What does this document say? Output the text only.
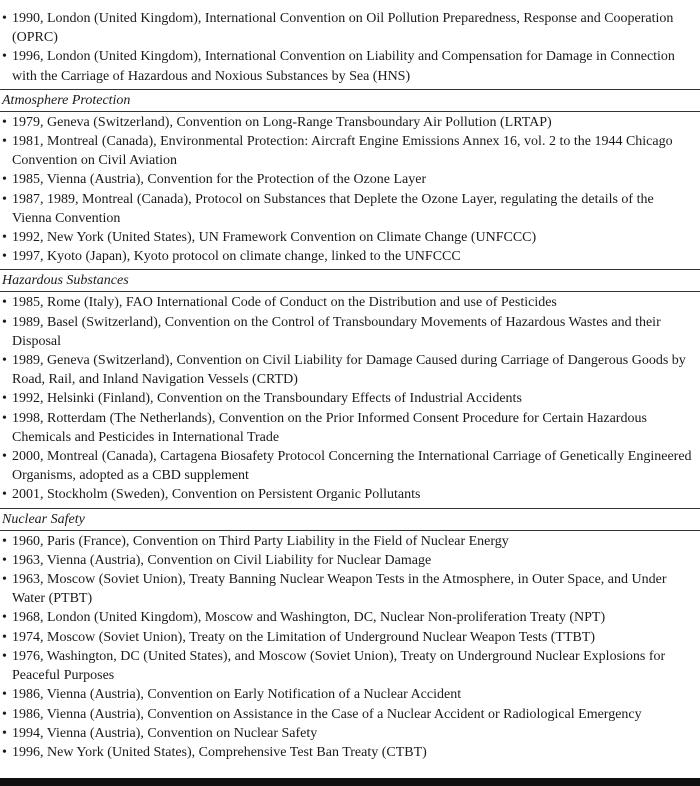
• 1990, London (United Kingdom), International Convention on Oil Pollution Preparedness, Response and Cooperation (OPRC)
• 1996, London (United Kingdom), International Convention on Liability and Compensation for Damage in Connection with the Carriage of Hazardous and Noxious Substances by Sea (HNS)
Atmosphere Protection
• 1979, Geneva (Switzerland), Convention on Long-Range Transboundary Air Pollution (LRTAP)
• 1981, Montreal (Canada), Environmental Protection: Aircraft Engine Emissions Annex 16, vol. 2 to the 1944 Chicago Convention on Civil Aviation
• 1985, Vienna (Austria), Convention for the Protection of the Ozone Layer
• 1987, 1989, Montreal (Canada), Protocol on Substances that Deplete the Ozone Layer, regulating the details of the Vienna Convention
• 1992, New York (United States), UN Framework Convention on Climate Change (UNFCCC)
• 1997, Kyoto (Japan), Kyoto protocol on climate change, linked to the UNFCCC
Hazardous Substances
• 1985, Rome (Italy), FAO International Code of Conduct on the Distribution and use of Pesticides
• 1989, Basel (Switzerland), Convention on the Control of Transboundary Movements of Hazardous Wastes and their Disposal
• 1989, Geneva (Switzerland), Convention on Civil Liability for Damage Caused during Carriage of Dangerous Goods by Road, Rail, and Inland Navigation Vessels (CRTD)
• 1992, Helsinki (Finland), Convention on the Transboundary Effects of Industrial Accidents
• 1998, Rotterdam (The Netherlands), Convention on the Prior Informed Consent Procedure for Certain Hazardous Chemicals and Pesticides in International Trade
• 2000, Montreal (Canada), Cartagena Biosafety Protocol Concerning the International Carriage of Genetically Engineered Organisms, adopted as a CBD supplement
• 2001, Stockholm (Sweden), Convention on Persistent Organic Pollutants
Nuclear Safety
• 1960, Paris (France), Convention on Third Party Liability in the Field of Nuclear Energy
• 1963, Vienna (Austria), Convention on Civil Liability for Nuclear Damage
• 1963, Moscow (Soviet Union), Treaty Banning Nuclear Weapon Tests in the Atmosphere, in Outer Space, and Under Water (PTBT)
• 1968, London (United Kingdom), Moscow and Washington, DC, Nuclear Non-proliferation Treaty (NPT)
• 1974, Moscow (Soviet Union), Treaty on the Limitation of Underground Nuclear Weapon Tests (TTBT)
• 1976, Washington, DC (United States), and Moscow (Soviet Union), Treaty on Underground Nuclear Explosions for Peaceful Purposes
• 1986, Vienna (Austria), Convention on Early Notification of a Nuclear Accident
• 1986, Vienna (Austria), Convention on Assistance in the Case of a Nuclear Accident or Radiological Emergency
• 1994, Vienna (Austria), Convention on Nuclear Safety
• 1996, New York (United States), Comprehensive Test Ban Treaty (CTBT)
